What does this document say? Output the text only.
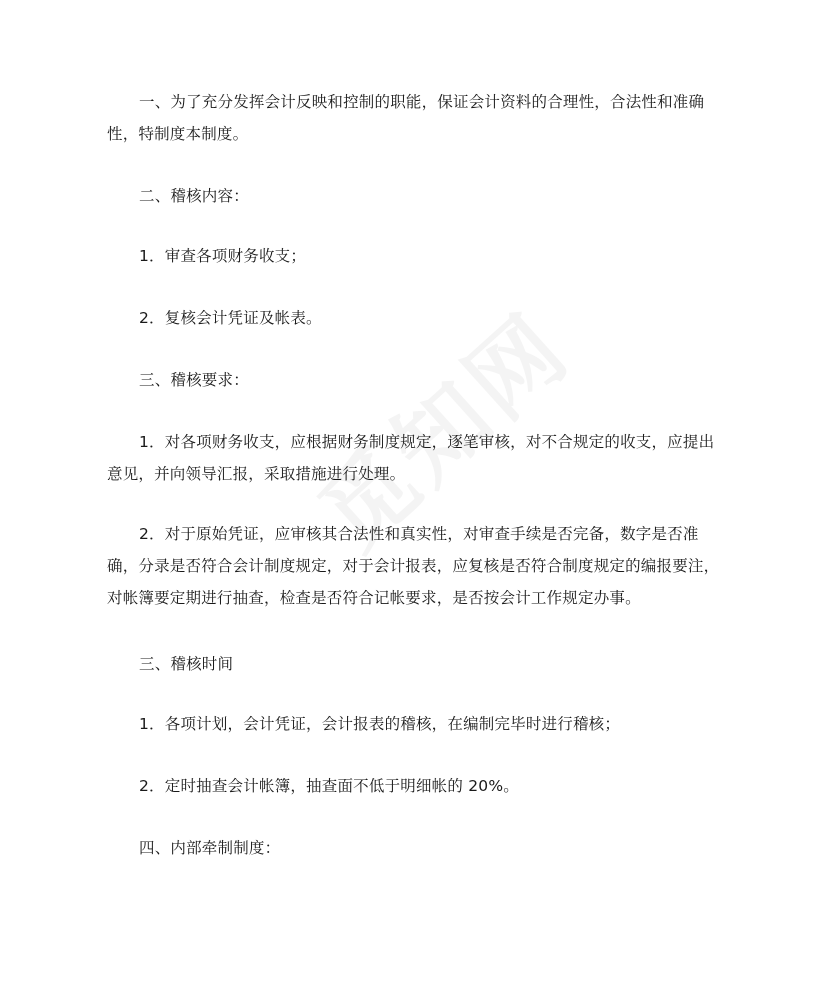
一、为了充分发挥会计反映和控制的职能，保证会计资料的合理性，合法性和准确性，特制度本制度。

二、稽核内容：

1．审查各项财务收支；

2．复核会计凭证及帐表。

三、稽核要求：

1．对各项财务收支，应根据财务制度规定，逐笔审核，对不合规定的收支，应提出意见，并向领导汇报，采取措施进行处理。

2．对于原始凭证，应审核其合法性和真实性，对审查手续是否完备，数字是否准确，分录是否符合会计制度规定，对于会计报表，应复核是否符合制度规定的编报要注，对帐簿要定期进行抽查，检查是否符合记帐要求，是否按会计工作规定办事。

三、稽核时间

1．各项计划，会计凭证，会计报表的稽核，在编制完毕时进行稽核；

2．定时抽查会计帐簿，抽查面不低于明细帐的 20%。

四、内部牵制制度：
